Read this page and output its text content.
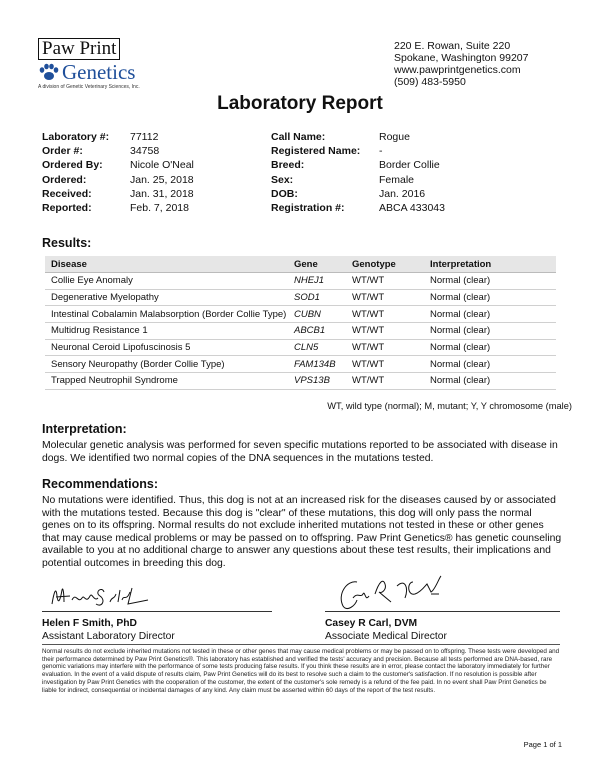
Paw Print
Genetics
A division of Genetic Veterinary Sciences, Inc.
220 E. Rowan, Suite 220
Spokane, Washington 99207
www.pawprintgenetics.com
(509) 483-5950
Laboratory Report
Laboratory #:	77112
Order #:	34758
Ordered By:	Nicole O'Neal
Ordered:	Jan. 25, 2018
Received:	Jan. 31, 2018
Reported:	Feb. 7, 2018
Call Name:	Rogue
Registered Name:	-
Breed:	Border Collie
Sex:	Female
DOB:	Jan. 2016
Registration #:	ABCA 433043
Results:
Disease	Gene	Genotype	Interpretation
Collie Eye Anomaly	NHEJ1	WT/WT	Normal (clear)
Degenerative Myelopathy	SOD1	WT/WT	Normal (clear)
Intestinal Cobalamin Malabsorption (Border Collie Type)	CUBN	WT/WT	Normal (clear)
Multidrug Resistance 1	ABCB1	WT/WT	Normal (clear)
Neuronal Ceroid Lipofuscinosis 5	CLN5	WT/WT	Normal (clear)
Sensory Neuropathy (Border Collie Type)	FAM134B	WT/WT	Normal (clear)
Trapped Neutrophil Syndrome	VPS13B	WT/WT	Normal (clear)
WT, wild type (normal); M, mutant; Y, Y chromosome (male)
Interpretation:
Molecular genetic analysis was performed for seven specific mutations reported to be associated with disease in dogs. We identified two normal copies of the DNA sequences in the mutations tested.
Recommendations:
No mutations were identified. Thus, this dog is not at an increased risk for the diseases caused by or associated with the mutations tested. Because this dog is "clear" of these mutations, this dog will only pass the normal genes on to its offspring. Normal results do not exclude inherited mutations not tested in these or other genes that may cause medical problems or may be passed on to offspring. Paw Print Genetics® has genetic counseling available to you at no additional charge to answer any questions about these test results, their implications and potential outcomes in breeding this dog.
Helen F Smith, PhD
Assistant Laboratory Director
Casey R Carl, DVM
Associate Medical Director
Normal results do not exclude inherited mutations not tested in these or other genes that may cause medical problems or may be passed on to offspring. These tests were developed and their performance determined by Paw Print Genetics®. This laboratory has established and verified the tests' accuracy and precision. Because all tests performed are DNA-based, rare genomic variations may interfere with the performance of some tests producing false results. If you think these results are in error, please contact the laboratory immediately for further evaluation. In the event of a valid dispute of results claim, Paw Print Genetics will do its best to resolve such a claim to the customer's satisfaction. If no resolution is possible after investigation by Paw Print Genetics with the cooperation of the customer, the extent of the customer's sole remedy is a refund of the fee paid. In no event shall Paw Print Genetics be liable for indirect, consequential or incidental damages of any kind. Any claim must be asserted within 60 days of the report of the test results.
Page 1 of 1
